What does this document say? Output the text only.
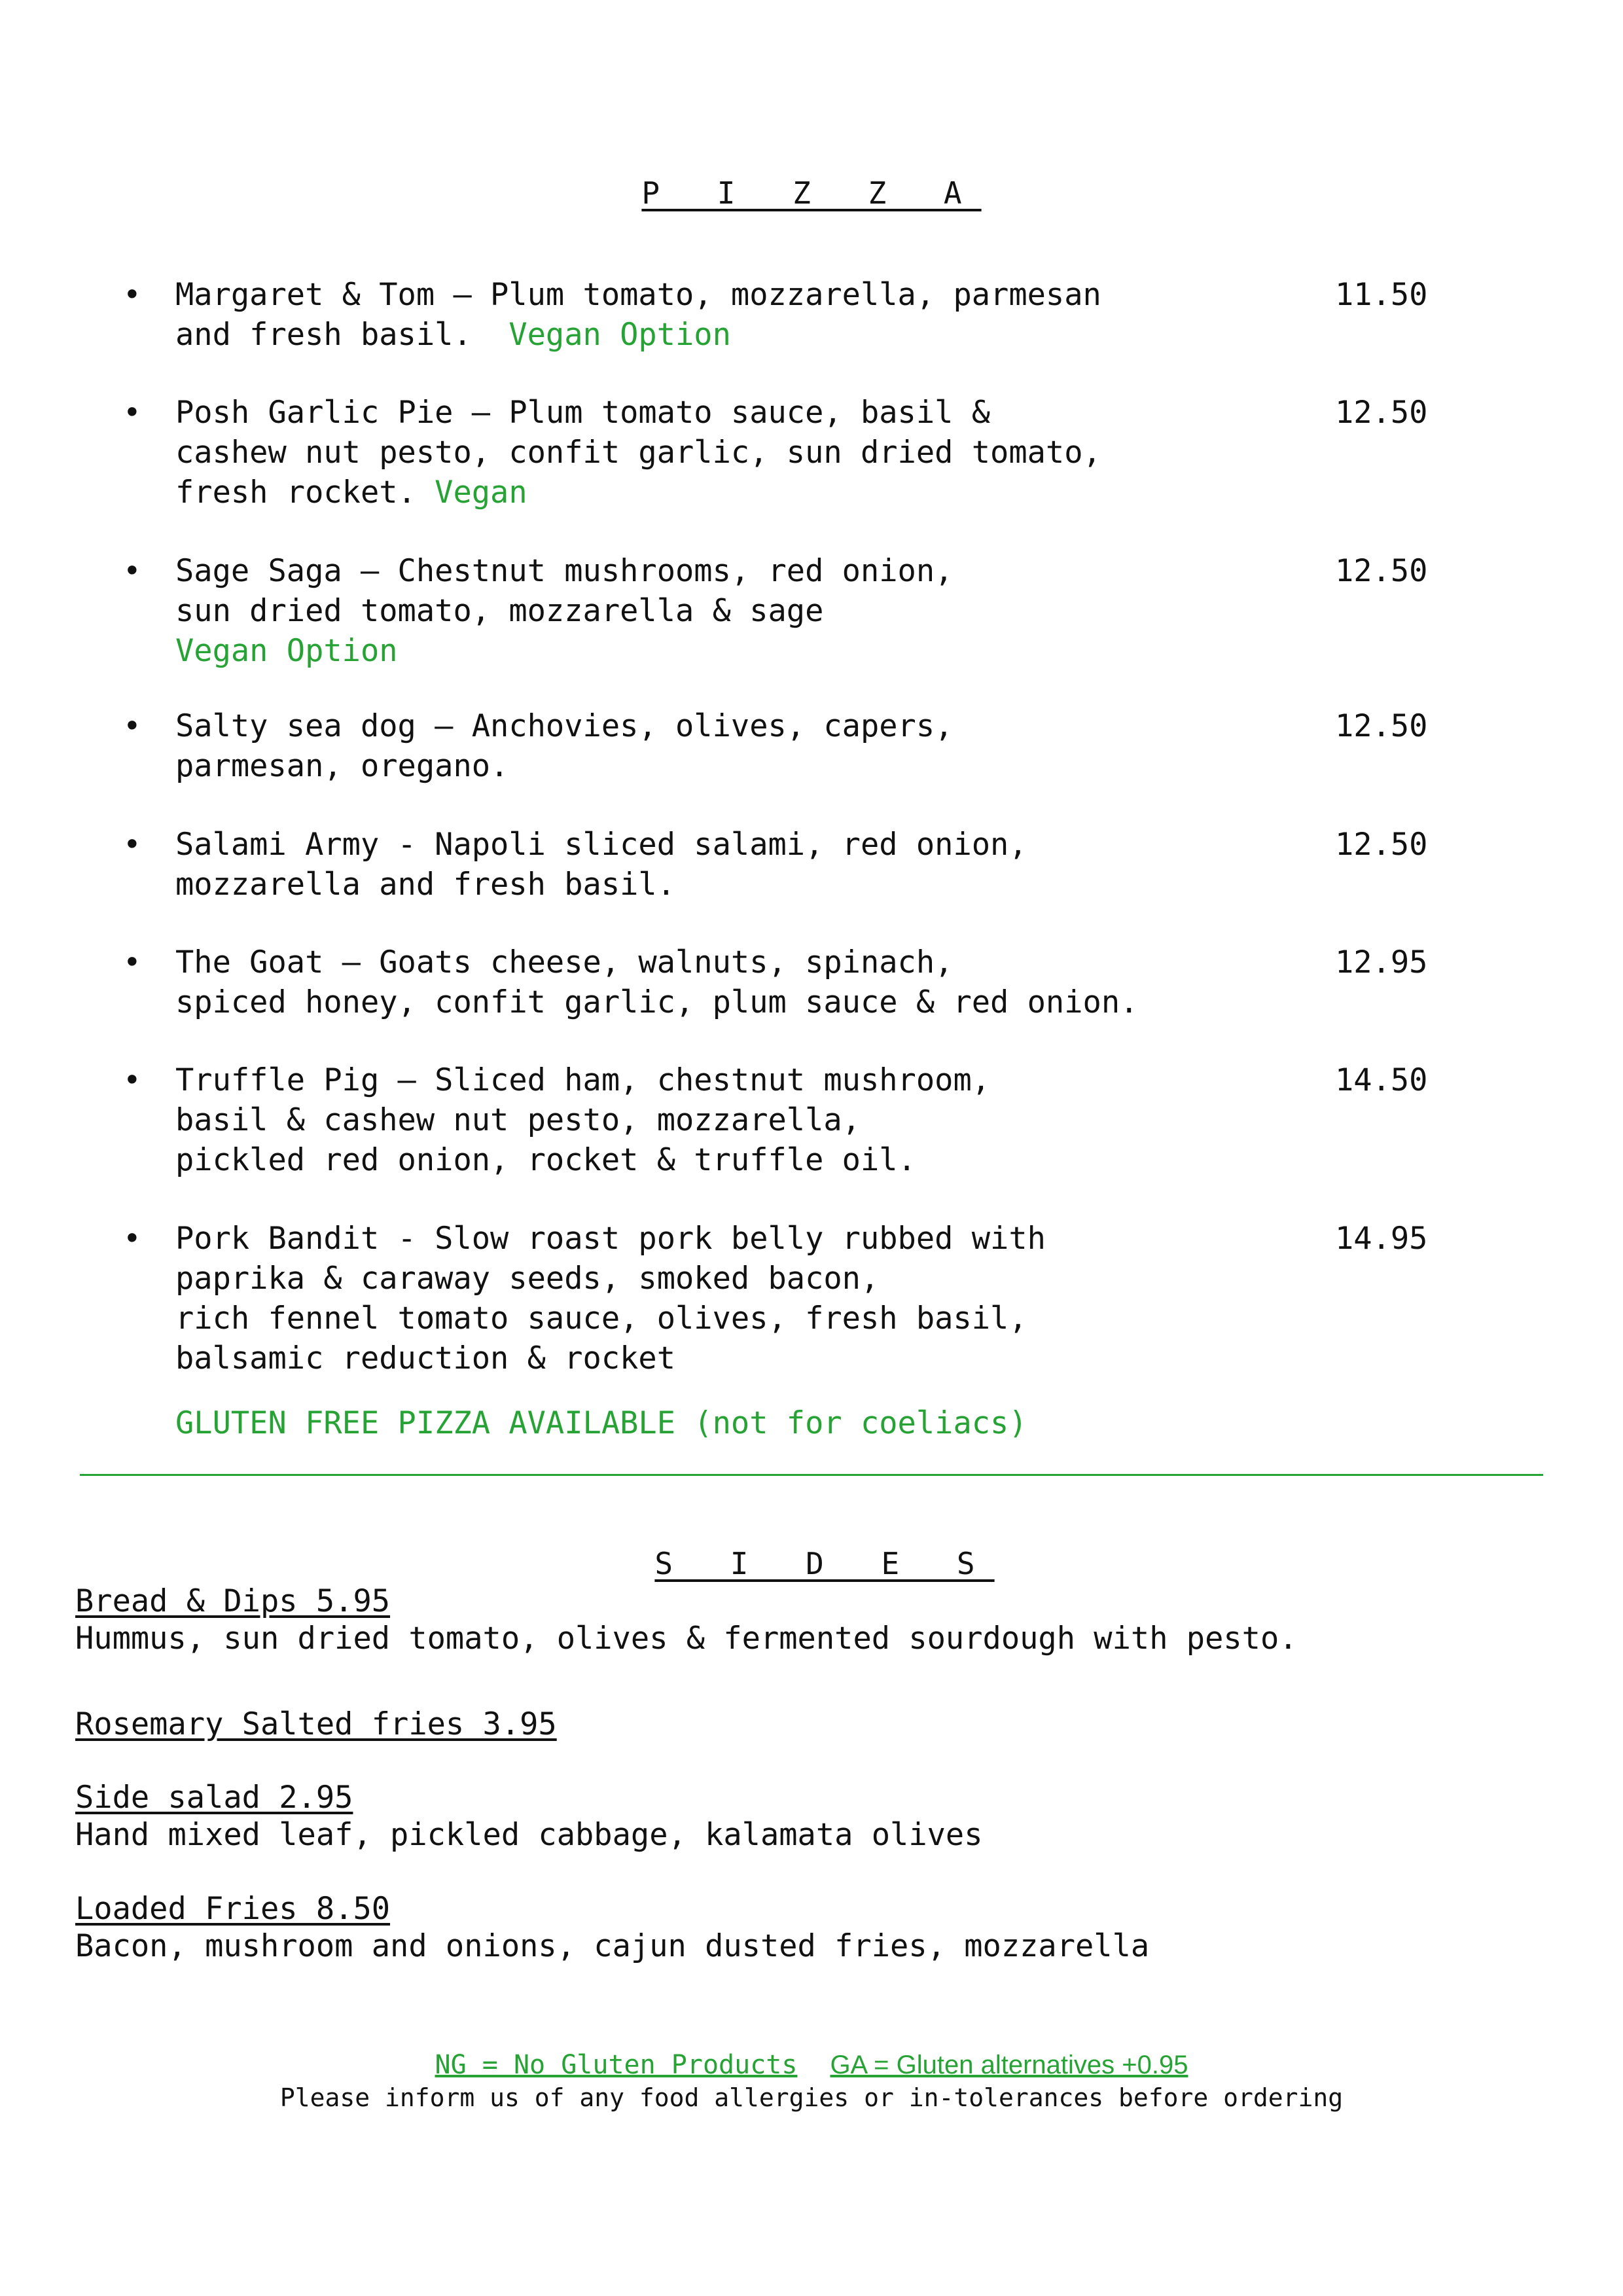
P I Z Z A
• Margaret & Tom – Plum tomato, mozzarella, parmesan
and fresh basil. Vegan Option
11.50
• Posh Garlic Pie – Plum tomato sauce, basil &
cashew nut pesto, confit garlic, sun dried tomato,
fresh rocket. Vegan
12.50
• Sage Saga – Chestnut mushrooms, red onion,
sun dried tomato, mozzarella & sage
Vegan Option
12.50
• Salty sea dog – Anchovies, olives, capers,
parmesan, oregano.
12.50
• Salami Army - Napoli sliced salami, red onion,
mozzarella and fresh basil.
12.50
• The Goat – Goats cheese, walnuts, spinach,
spiced honey, confit garlic, plum sauce & red onion.
12.95
• Truffle Pig – Sliced ham, chestnut mushroom,
basil & cashew nut pesto, mozzarella,
pickled red onion, rocket & truffle oil.
14.50
• Pork Bandit - Slow roast pork belly rubbed with
paprika & caraway seeds, smoked bacon,
rich fennel tomato sauce, olives, fresh basil,
balsamic reduction & rocket
14.95
GLUTEN FREE PIZZA AVAILABLE (not for coeliacs)
S I D E S
Bread & Dips 5.95
Hummus, sun dried tomato, olives & fermented sourdough with pesto.
Rosemary Salted fries 3.95
Side salad 2.95
Hand mixed leaf, pickled cabbage, kalamata olives
Loaded Fries 8.50
Bacon, mushroom and onions, cajun dusted fries, mozzarella
NG = No Gluten Products GA = Gluten alternatives +0.95
Please inform us of any food allergies or in-tolerances before ordering
